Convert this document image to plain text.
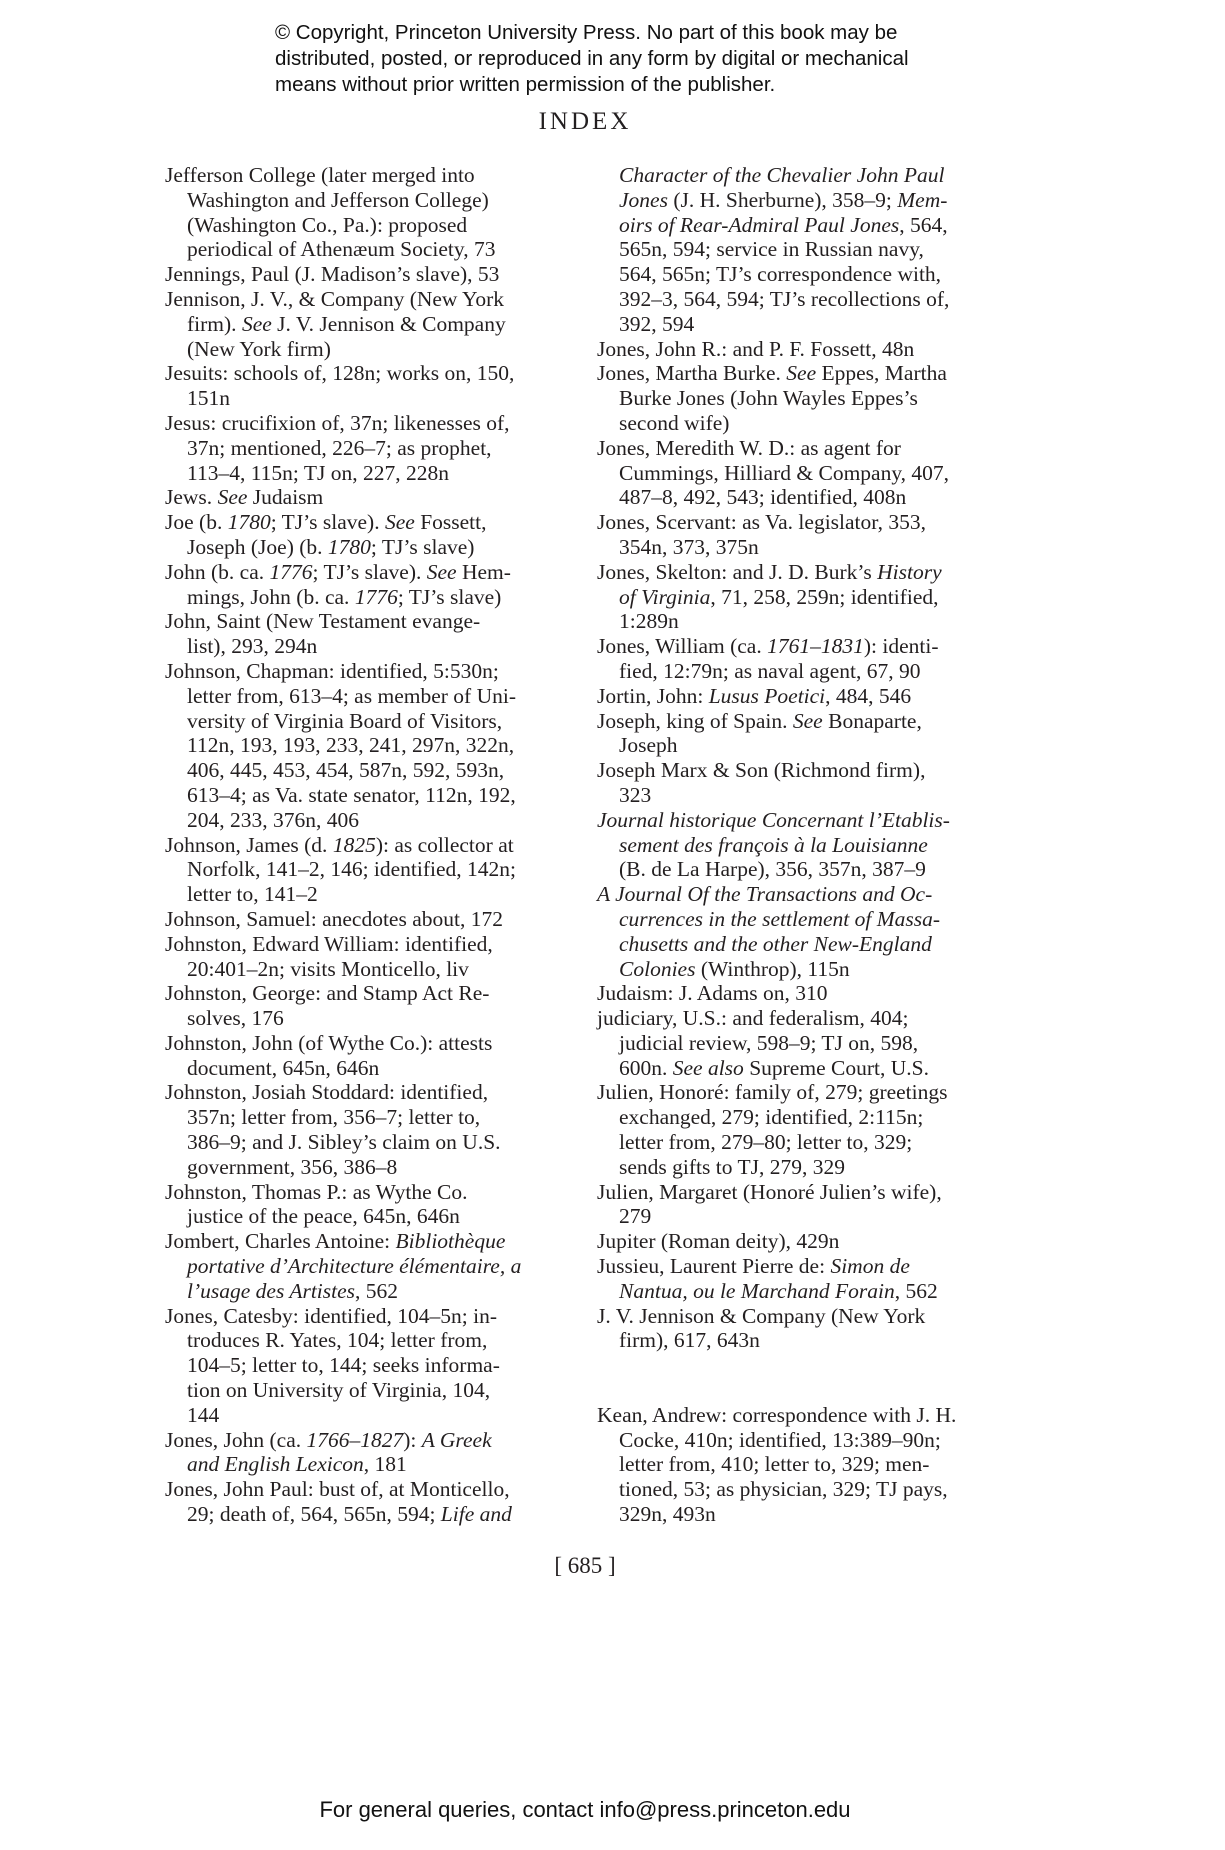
© Copyright, Princeton University Press. No part of this book may be
distributed, posted, or reproduced in any form by digital or mechanical
means without prior written permission of the publisher.
INDEX
Jefferson College (later merged into
Washington and Jefferson College)
(Washington Co., Pa.): proposed
periodical of Athenæum Society, 73
Jennings, Paul (J. Madison’s slave), 53
Jennison, J. V., & Company (New York
firm). See J. V. Jennison & Company
(New York firm)
Jesuits: schools of, 128n; works on, 150,
151n
Jesus: crucifixion of, 37n; likenesses of,
37n; mentioned, 226–7; as prophet,
113–4, 115n; TJ on, 227, 228n
Jews. See Judaism
Joe (b. 1780; TJ’s slave). See Fossett,
Joseph (Joe) (b. 1780; TJ’s slave)
John (b. ca. 1776; TJ’s slave). See Hem-
mings, John (b. ca. 1776; TJ’s slave)
John, Saint (New Testament evange-
list), 293, 294n
Johnson, Chapman: identified, 5:530n;
letter from, 613–4; as member of Uni-
versity of Virginia Board of Visitors,
112n, 193, 193, 233, 241, 297n, 322n,
406, 445, 453, 454, 587n, 592, 593n,
613–4; as Va. state senator, 112n, 192,
204, 233, 376n, 406
Johnson, James (d. 1825): as collector at
Norfolk, 141–2, 146; identified, 142n;
letter to, 141–2
Johnson, Samuel: anecdotes about, 172
Johnston, Edward William: identified,
20:401–2n; visits Monticello, liv
Johnston, George: and Stamp Act Re-
solves, 176
Johnston, John (of Wythe Co.): attests
document, 645n, 646n
Johnston, Josiah Stoddard: identified,
357n; letter from, 356–7; letter to,
386–9; and J. Sibley’s claim on U.S.
government, 356, 386–8
Johnston, Thomas P.: as Wythe Co.
justice of the peace, 645n, 646n
Jombert, Charles Antoine: Bibliothèque
portative d’Architecture élémentaire, a
l’usage des Artistes, 562
Jones, Catesby: identified, 104–5n; in-
troduces R. Yates, 104; letter from,
104–5; letter to, 144; seeks informa-
tion on University of Virginia, 104,
144
Jones, John (ca. 1766–1827): A Greek
and English Lexicon, 181
Jones, John Paul: bust of, at Monticello,
29; death of, 564, 565n, 594; Life and
Character of the Chevalier John Paul
Jones (J. H. Sherburne), 358–9; Mem-
oirs of Rear-Admiral Paul Jones, 564,
565n, 594; service in Russian navy,
564, 565n; TJ’s correspondence with,
392–3, 564, 594; TJ’s recollections of,
392, 594
Jones, John R.: and P. F. Fossett, 48n
Jones, Martha Burke. See Eppes, Martha
Burke Jones (John Wayles Eppes’s
second wife)
Jones, Meredith W. D.: as agent for
Cummings, Hilliard & Company, 407,
487–8, 492, 543; identified, 408n
Jones, Scervant: as Va. legislator, 353,
354n, 373, 375n
Jones, Skelton: and J. D. Burk’s History
of Virginia, 71, 258, 259n; identified,
1:289n
Jones, William (ca. 1761–1831): identi-
fied, 12:79n; as naval agent, 67, 90
Jortin, John: Lusus Poetici, 484, 546
Joseph, king of Spain. See Bonaparte,
Joseph
Joseph Marx & Son (Richmond firm),
323
Journal historique Concernant l’Etablis-
sement des françois à la Louisianne
(B. de La Harpe), 356, 357n, 387–9
A Journal Of the Transactions and Oc-
currences in the settlement of Massa-
chusetts and the other New-England
Colonies (Winthrop), 115n
Judaism: J. Adams on, 310
judiciary, U.S.: and federalism, 404;
judicial review, 598–9; TJ on, 598,
600n. See also Supreme Court, U.S.
Julien, Honoré: family of, 279; greetings
exchanged, 279; identified, 2:115n;
letter from, 279–80; letter to, 329;
sends gifts to TJ, 279, 329
Julien, Margaret (Honoré Julien’s wife),
279
Jupiter (Roman deity), 429n
Jussieu, Laurent Pierre de: Simon de
Nantua, ou le Marchand Forain, 562
J. V. Jennison & Company (New York
firm), 617, 643n
Kean, Andrew: correspondence with J. H.
Cocke, 410n; identified, 13:389–90n;
letter from, 410; letter to, 329; men-
tioned, 53; as physician, 329; TJ pays,
329n, 493n
[ 685 ]
For general queries, contact info@press.princeton.edu
